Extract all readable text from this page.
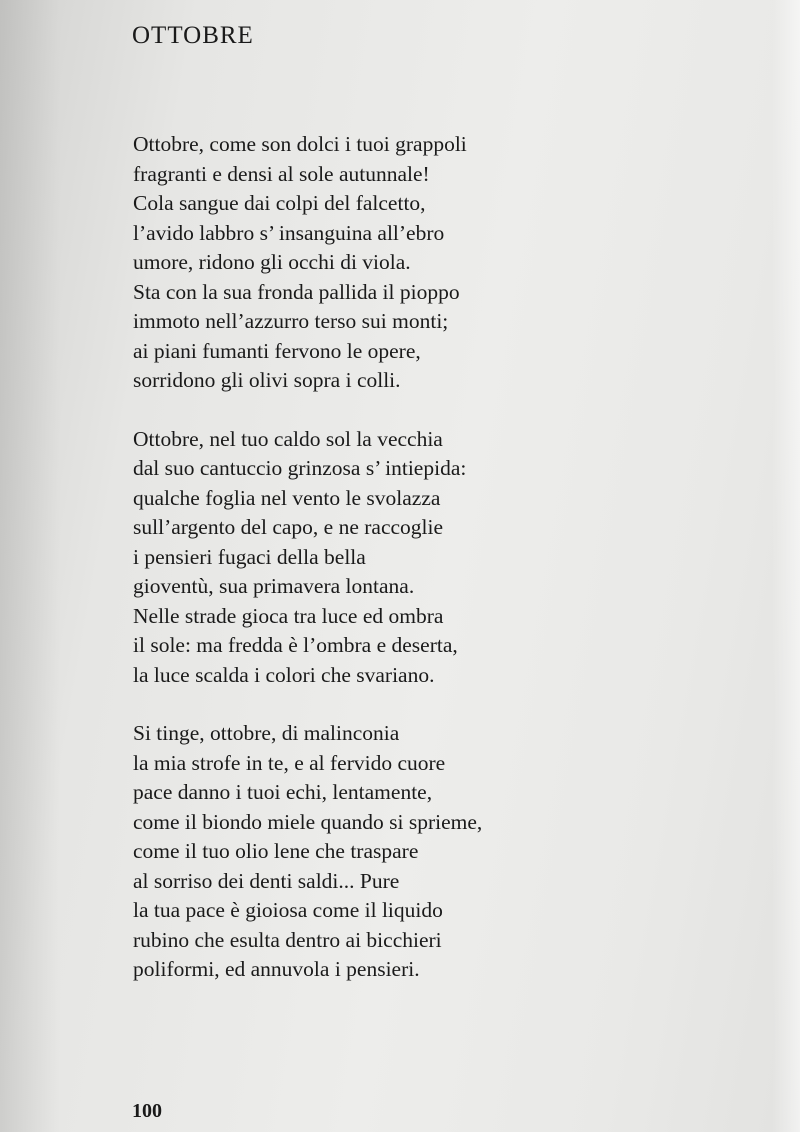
OTTOBRE

Ottobre, come son dolci i tuoi grappoli
fragranti e densi al sole autunnale!
Cola sangue dai colpi del falcetto,
l’avido labbro s’ insanguina all’ebro
umore, ridono gli occhi di viola.
Sta con la sua fronda pallida il pioppo
immoto nell’azzurro terso sui monti;
ai piani fumanti fervono le opere,
sorridono gli olivi sopra i colli.

Ottobre, nel tuo caldo sol la vecchia
dal suo cantuccio grinzosa s’ intiepida:
qualche foglia nel vento le svolazza
sull’argento del capo, e ne raccoglie
i pensieri fugaci della bella
gioventù, sua primavera lontana.
Nelle strade gioca tra luce ed ombra
il sole: ma fredda è l’ombra e deserta,
la luce scalda i colori che svariano.

Si tinge, ottobre, di malinconia
la mia strofe in te, e al fervido cuore
pace danno i tuoi echi, lentamente,
come il biondo miele quando si sprieme,
come il tuo olio lene che traspare
al sorriso dei denti saldi... Pure
la tua pace è gioiosa come il liquido
rubino che esulta dentro ai bicchieri
poliformi, ed annuvola i pensieri.

100
